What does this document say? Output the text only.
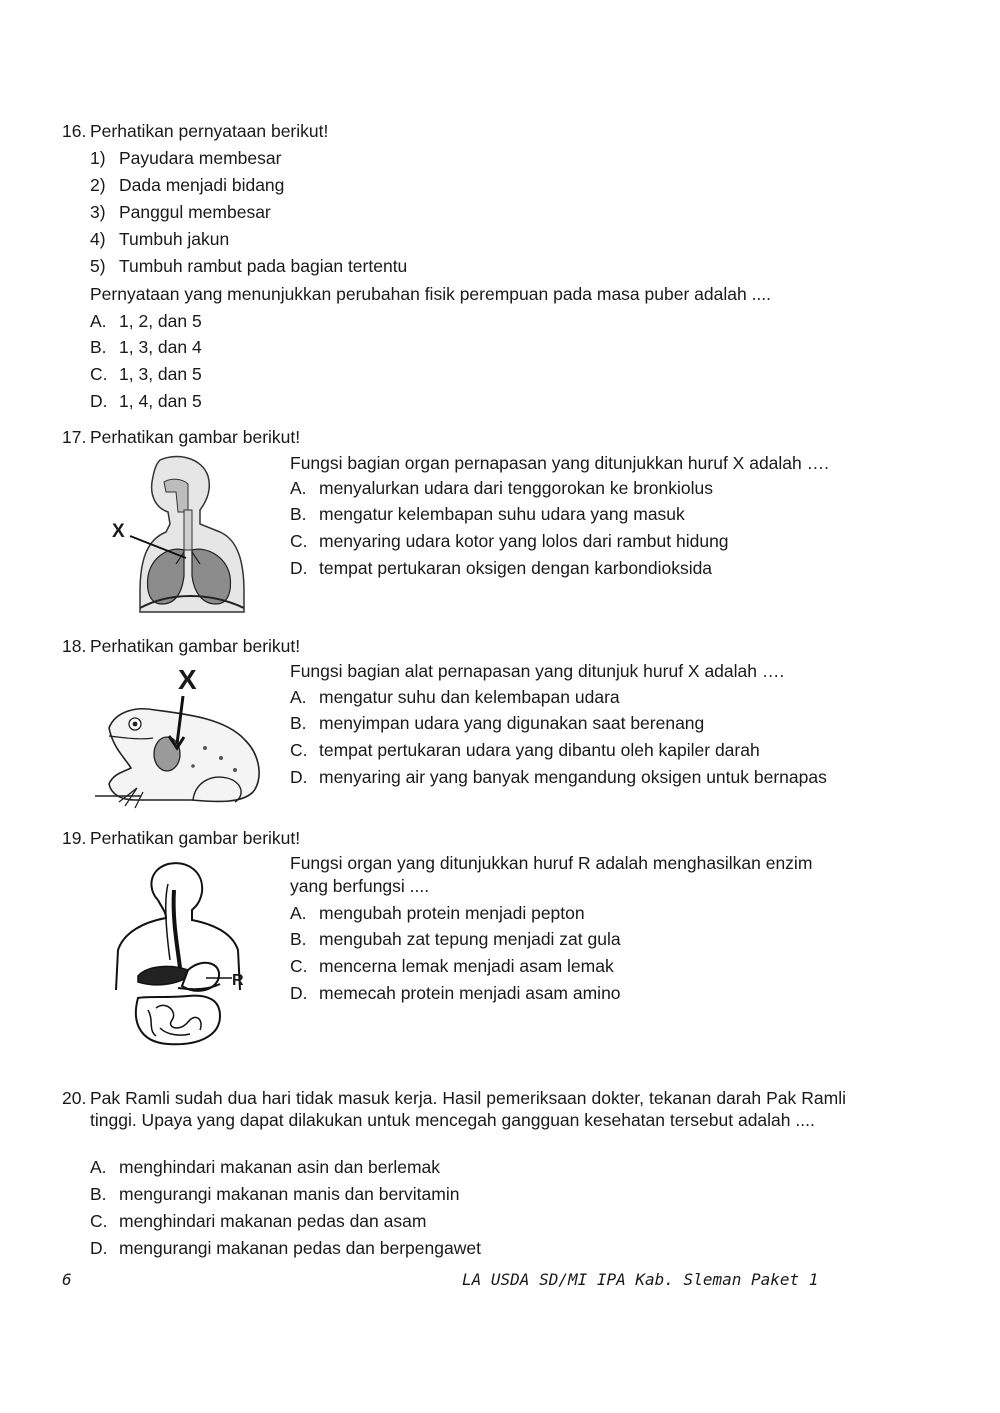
16. Perhatikan pernyataan berikut!
1) Payudara membesar
2) Dada menjadi bidang
3) Panggul membesar
4) Tumbuh jakun
5) Tumbuh rambut pada bagian tertentu
Pernyataan yang menunjukkan perubahan fisik perempuan pada masa puber adalah ....
A. 1, 2, dan 5
B. 1, 3, dan 4
C. 1, 3, dan 5
D. 1, 4, dan 5
17. Perhatikan gambar berikut!
X
Fungsi bagian organ pernapasan yang ditunjukkan huruf X adalah ….
A. menyalurkan udara dari tenggorokan ke bronkiolus
B. mengatur kelembapan suhu udara yang masuk
C. menyaring udara kotor yang lolos dari rambut hidung
D. tempat pertukaran oksigen dengan karbondioksida
18. Perhatikan gambar berikut!
X	Fungsi bagian alat pernapasan yang ditunjuk huruf X adalah ….
A. mengatur suhu dan kelembapan udara
B. menyimpan udara yang digunakan saat berenang
C. tempat pertukaran udara yang dibantu oleh kapiler darah
D. menyaring air yang banyak mengandung oksigen untuk bernapas
19. Perhatikan gambar berikut!
R
Fungsi organ yang ditunjukkan huruf R adalah menghasilkan enzim
yang berfungsi ....
A. mengubah protein menjadi pepton
B. mengubah zat tepung menjadi zat gula
C. mencerna lemak menjadi asam lemak
D. memecah protein menjadi asam amino
20. Pak Ramli sudah dua hari tidak masuk kerja. Hasil pemeriksaan dokter, tekanan darah Pak Ramli tinggi. Upaya yang dapat dilakukan untuk mencegah gangguan kesehatan tersebut adalah ....
A. menghindari makanan asin dan berlemak
B. mengurangi makanan manis dan bervitamin
C. menghindari makanan pedas dan asam
D. mengurangi makanan pedas dan berpengawet
6	LA USDA SD/MI IPA Kab. Sleman Paket 1
